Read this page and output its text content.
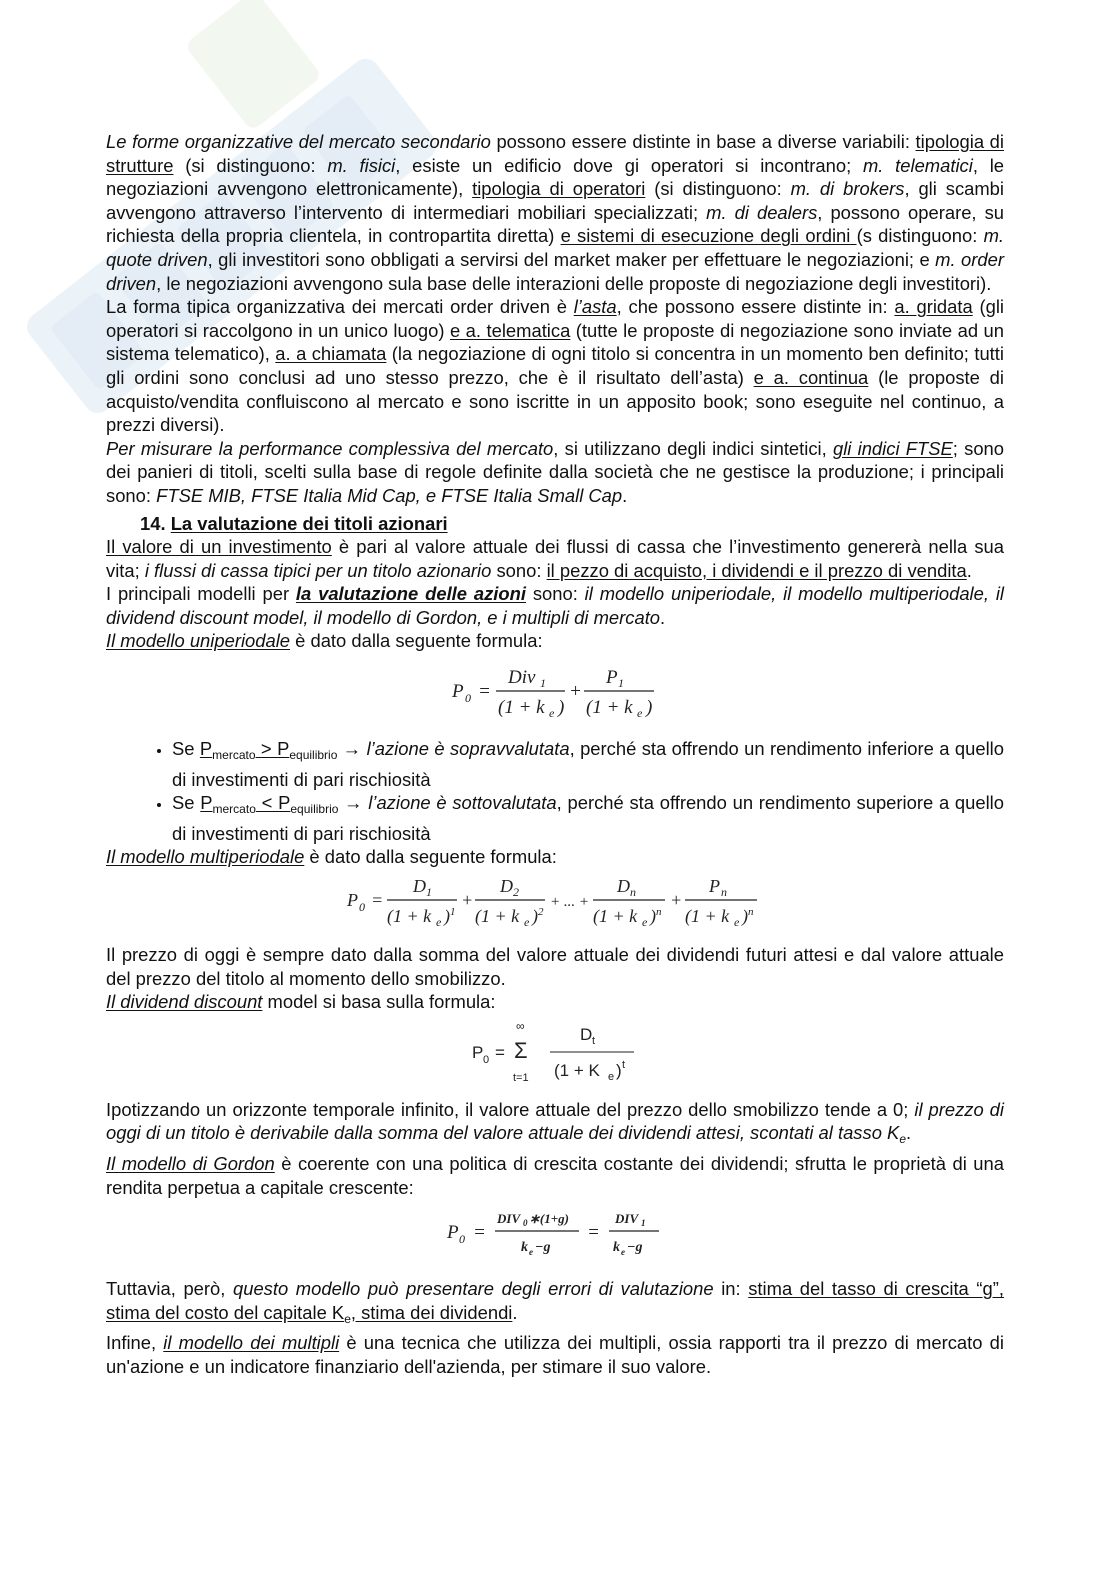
Le forme organizzative del mercato secondario possono essere distinte in base a diverse variabili: tipologia di strutture (si distinguono: m. fisici, esiste un edificio dove gi operatori si incontrano; m. telematici, le negoziazioni avvengono elettronicamente), tipologia di operatori (si distinguono: m. di brokers, gli scambi avvengono attraverso l’intervento di intermediari mobiliari specializzati; m. di dealers, possono operare, su richiesta della propria clientela, in contropartita diretta) e sistemi di esecuzione degli ordini (s distinguono: m. quote driven, gli investitori sono obbligati a servirsi del market maker per effettuare le negoziazioni; e m. order driven, le negoziazioni avvengono sula base delle interazioni delle proposte di negoziazione degli investitori).

La forma tipica organizzativa dei mercati order driven è l’asta, che possono essere distinte in: a. gridata (gli operatori si raccolgono in un unico luogo) e a. telematica (tutte le proposte di negoziazione sono inviate ad un sistema telematico), a. a chiamata (la negoziazione di ogni titolo si concentra in un momento ben definito; tutti gli ordini sono conclusi ad uno stesso prezzo, che è il risultato dell’asta) e a. continua (le proposte di acquisto/vendita confluiscono al mercato e sono iscritte in un apposito book; sono eseguite nel continuo, a prezzi diversi).

Per misurare la performance complessiva del mercato, si utilizzano degli indici sintetici, gli indici FTSE; sono dei panieri di titoli, scelti sulla base di regole definite dalla società che ne gestisce la produzione; i principali sono: FTSE MIB, FTSE Italia Mid Cap, e FTSE Italia Small Cap.

14. La valutazione dei titoli azionari

Il valore di un investimento è pari al valore attuale dei flussi di cassa che l’investimento genererà nella sua vita; i flussi di cassa tipici per un titolo azionario sono: il pezzo di acquisto, i dividendi e il prezzo di vendita.

I principali modelli per la valutazione delle azioni sono: il modello uniperiodale, il modello multiperiodale, il dividend discount model, il modello di Gordon, e i multipli di mercato.

Il modello uniperiodale è dato dalla seguente formula:

P 0 =
Div 1
(1 + k e )
+
P 1
(1 + k e )
• Se $P_{mercato} > P_{equilibrio}$ → l’azione è sopravvalutata, perché sta offrendo un rendimento inferiore a quello di investimenti di pari rischiosità
• Se $P_{mercato} < P_{equilibrio}$ → l’azione è sottovalutata, perché sta offrendo un rendimento superiore a quello di investimenti di pari rischiosità

Il modello multiperiodale è dato dalla seguente formula:

P 0 =
D 1
(1 + k e ) 1
+
D 2
(1 + k e ) 2
+ ... +
D n
(1 + k e ) n
+
P n
(1 + k e ) n

Il prezzo di oggi è sempre dato dalla somma del valore attuale dei dividendi futuri attesi e dal valore attuale del prezzo del titolo al momento dello smobilizzo.

Il dividend discount model si basa sulla formula:

P 0 =
∞
Σ
t=1
D t
(1 + K e ) t

Ipotizzando un orizzonte temporale infinito, il valore attuale del prezzo dello smobilizzo tende a 0; il prezzo di oggi di un titolo è derivabile dalla somma del valore attuale dei dividendi attesi, scontati al tasso $K_e$.

Il modello di Gordon è coerente con una politica di crescita costante dei dividendi; sfrutta le proprietà di una rendita perpetua a capitale crescente:

P 0 =
DIV 0 ∗(1+g)
k e −g
=
DIV 1
k e −g

Tuttavia, però, questo modello può presentare degli errori di valutazione in: stima del tasso di crescita “g”, stima del costo del capitale $K_e$, stima dei dividendi.

Infine, il modello dei multipli è una tecnica che utilizza dei multipli, ossia rapporti tra il prezzo di mercato di un'azione e un indicatore finanziario dell'azienda, per stimare il suo valore.
